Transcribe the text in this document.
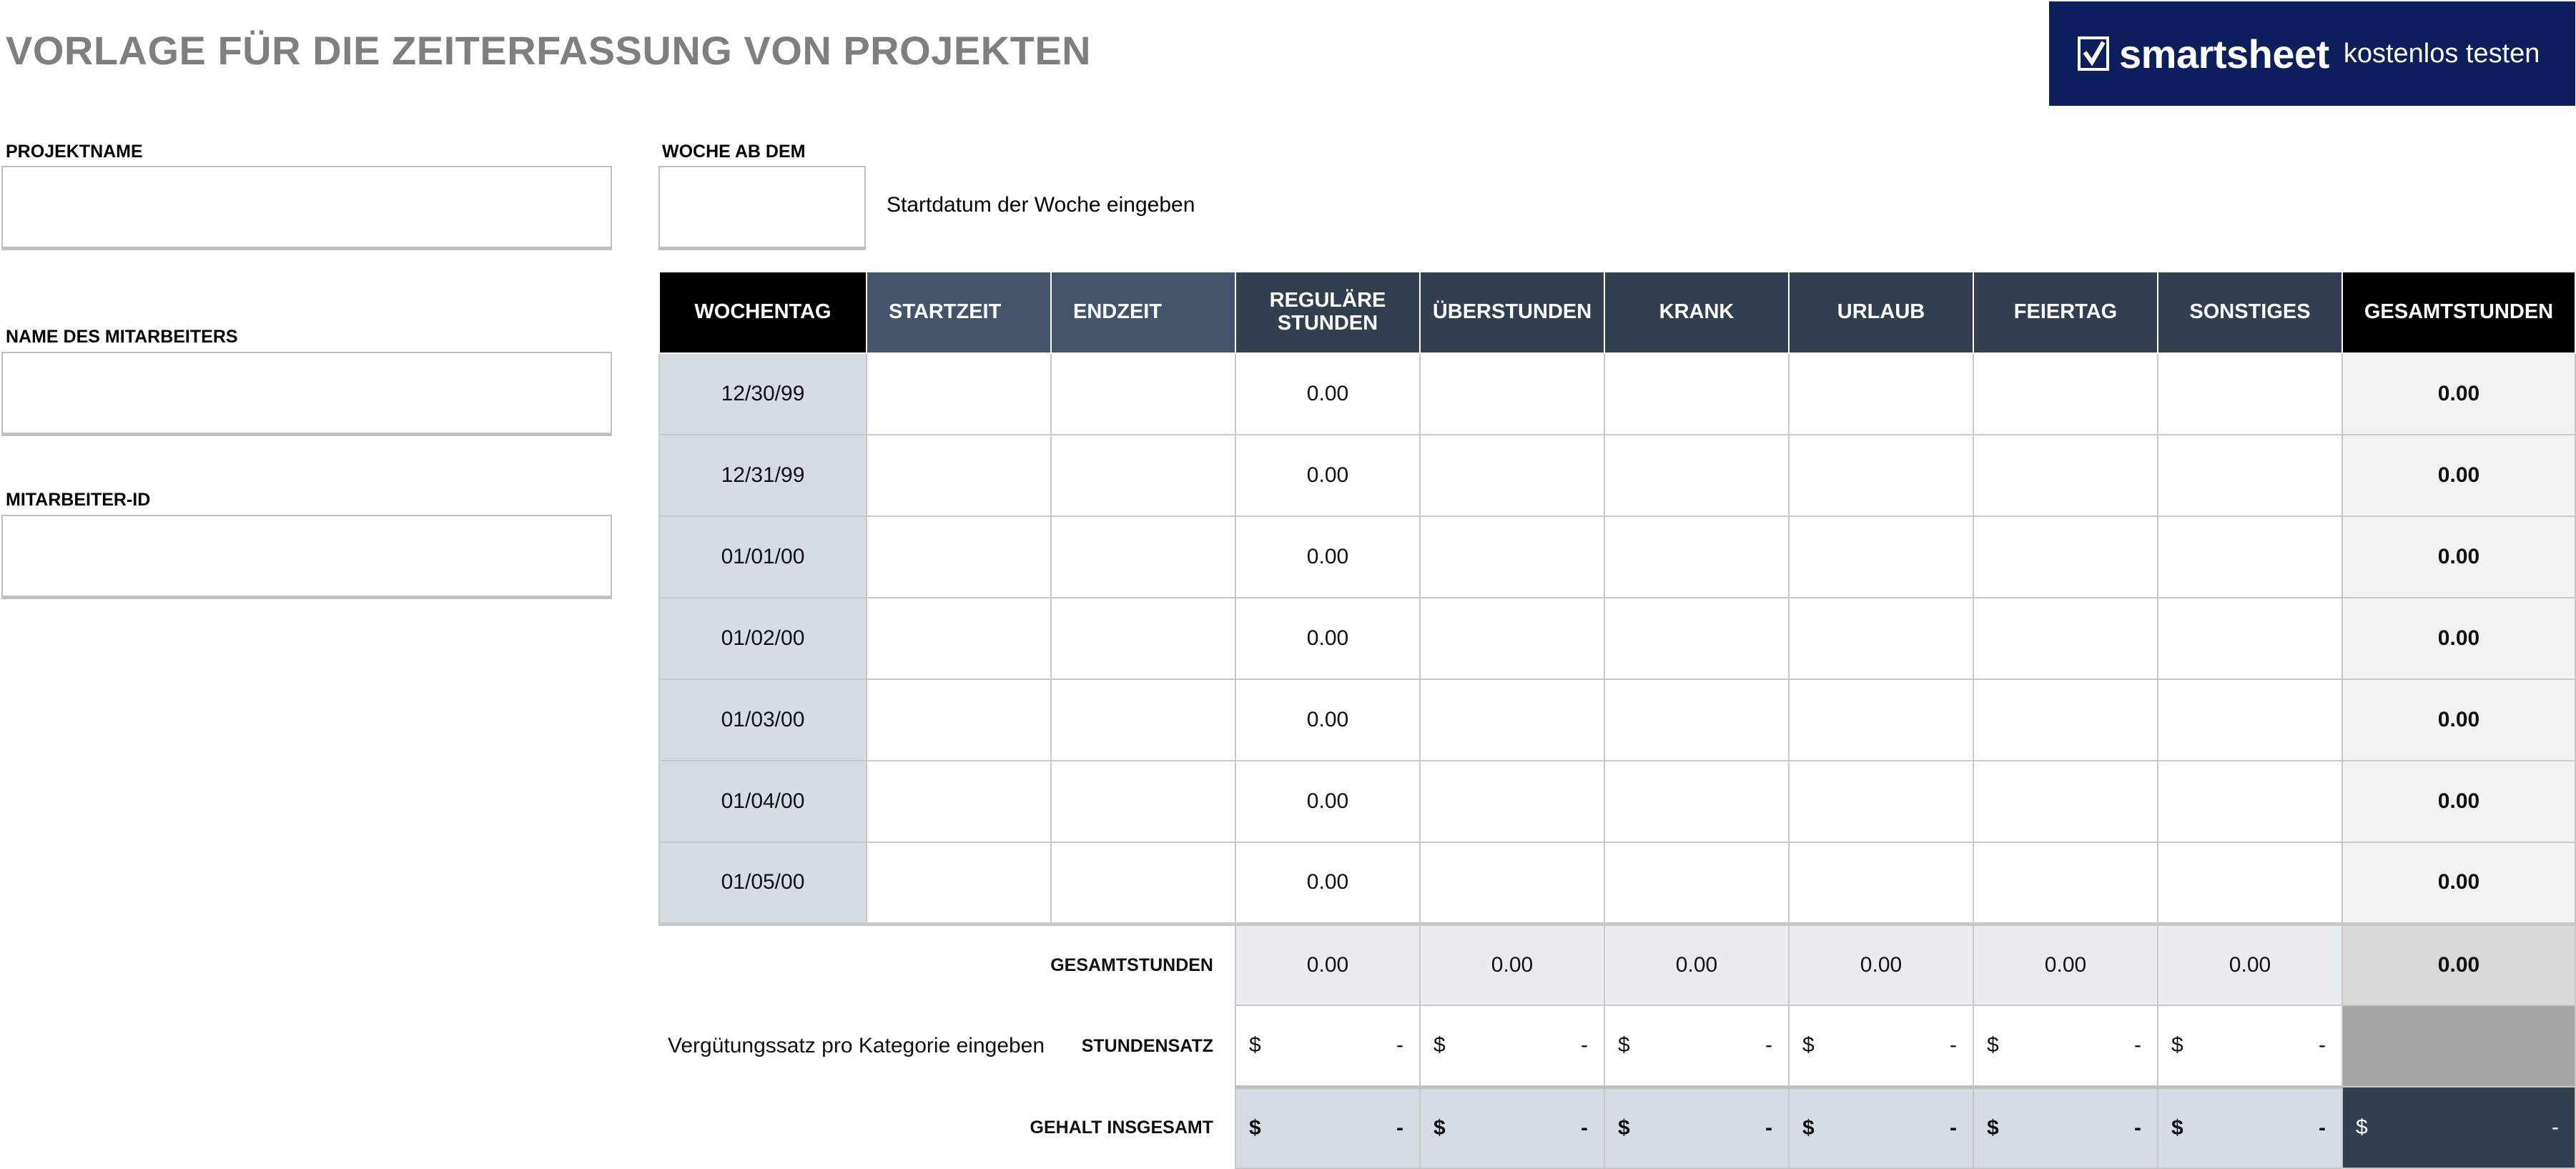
VORLAGE FÜR DIE ZEITERFASSUNG VON PROJEKTEN	smartsheet kostenlos testen
PROJEKTNAME
NAME DES MITARBEITERS
MITARBEITER-ID
WOCHE AB DEM
Startdatum der Woche eingeben
WOCHENTAG	STARTZEIT	ENDZEIT	REGULÄRE STUNDEN	ÜBERSTUNDEN	KRANK	URLAUB	FEIERTAG	SONSTIGES	GESAMTSTUNDEN
12/30/99			0.00						0.00
12/31/99			0.00						0.00
01/01/00			0.00						0.00
01/02/00			0.00						0.00
01/03/00			0.00						0.00
01/04/00			0.00						0.00
01/05/00			0.00						0.00
GESAMTSTUNDEN			0.00	0.00	0.00	0.00	0.00	0.00	0.00

Vergütungssatz pro Kategorie eingeben STUNDENSATZ			$ -	$ -	$ -	$ -	$ -	$ -	

GEHALT INSGESAMT			$ -	$ -	$ -	$ -	$ -	$ -	$ -
